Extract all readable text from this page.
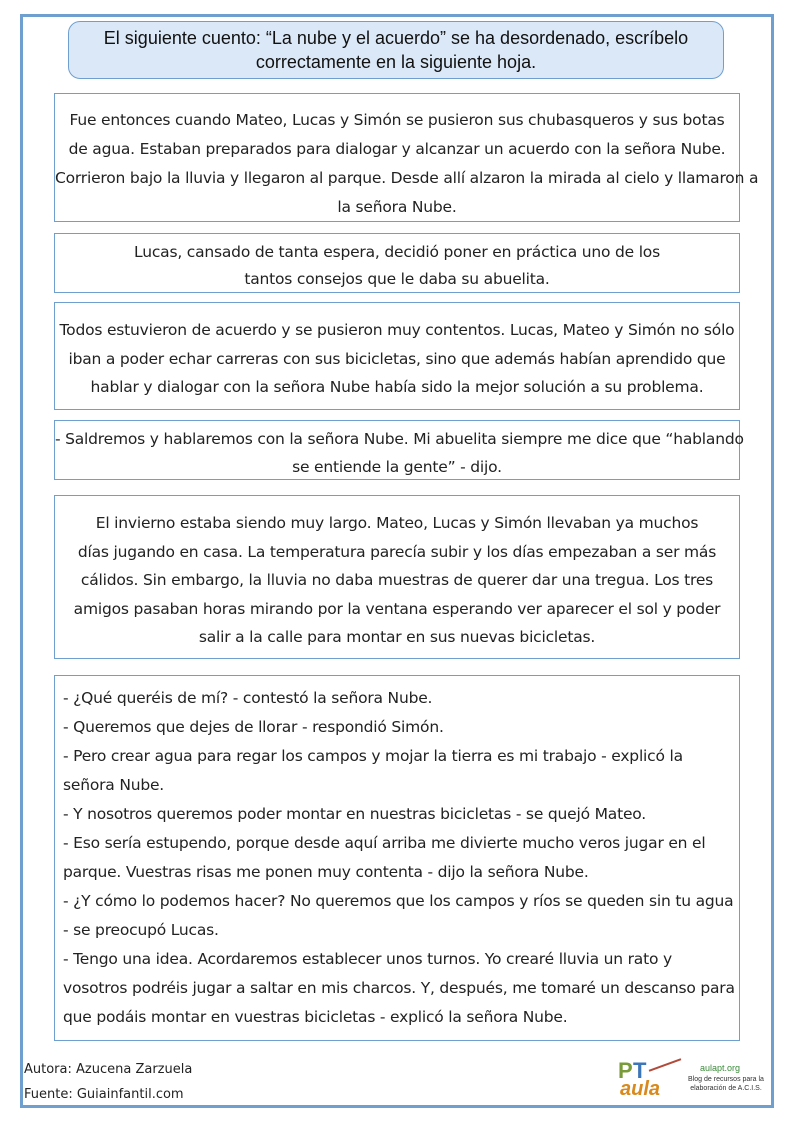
El siguiente cuento: “La nube y el acuerdo” se ha desordenado, escríbelo
correctamente en la siguiente hoja.
Fue entonces cuando Mateo, Lucas y Simón se pusieron sus chubasqueros y sus botas
de agua. Estaban preparados para dialogar y alcanzar un acuerdo con la señora Nube.
Corrieron bajo la lluvia y llegaron al parque. Desde allí alzaron la mirada al cielo y llamaron a
la señora Nube.
Lucas, cansado de tanta espera, decidió poner en práctica uno de los
tantos consejos que le daba su abuelita.
Todos estuvieron de acuerdo y se pusieron muy contentos. Lucas, Mateo y Simón no sólo
iban a poder echar carreras con sus bicicletas, sino que además habían aprendido que
hablar y dialogar con la señora Nube había sido la mejor solución a su problema.
- Saldremos y hablaremos con la señora Nube. Mi abuelita siempre me dice que “hablando
se entiende la gente” - dijo.
El invierno estaba siendo muy largo. Mateo, Lucas y Simón llevaban ya muchos
días jugando en casa. La temperatura parecía subir y los días empezaban a ser más
cálidos. Sin embargo, la lluvia no daba muestras de querer dar una tregua. Los tres
amigos pasaban horas mirando por la ventana esperando ver aparecer el sol y poder
salir a la calle para montar en sus nuevas bicicletas.
- ¿Qué queréis de mí? - contestó la señora Nube.
- Queremos que dejes de llorar - respondió Simón.
- Pero crear agua para regar los campos y mojar la tierra es mi trabajo - explicó la
señora Nube.
- Y nosotros queremos poder montar en nuestras bicicletas - se quejó Mateo.
- Eso sería estupendo, porque desde aquí arriba me divierte mucho veros jugar en el
parque. Vuestras risas me ponen muy contenta - dijo la señora Nube.
- ¿Y cómo lo podemos hacer? No queremos que los campos y ríos se queden sin tu agua
- se preocupó Lucas.
- Tengo una idea. Acordaremos establecer unos turnos. Yo crearé lluvia un rato y
vosotros podréis jugar a saltar en mis charcos. Y, después, me tomaré un descanso para
que podáis montar en vuestras bicicletas - explicó la señora Nube.
Autora: Azucena Zarzuela
Fuente: Guiainfantil.com
P T
aula
aulapt.org
Blog de recursos para la elaboración de A.C.I.S.
